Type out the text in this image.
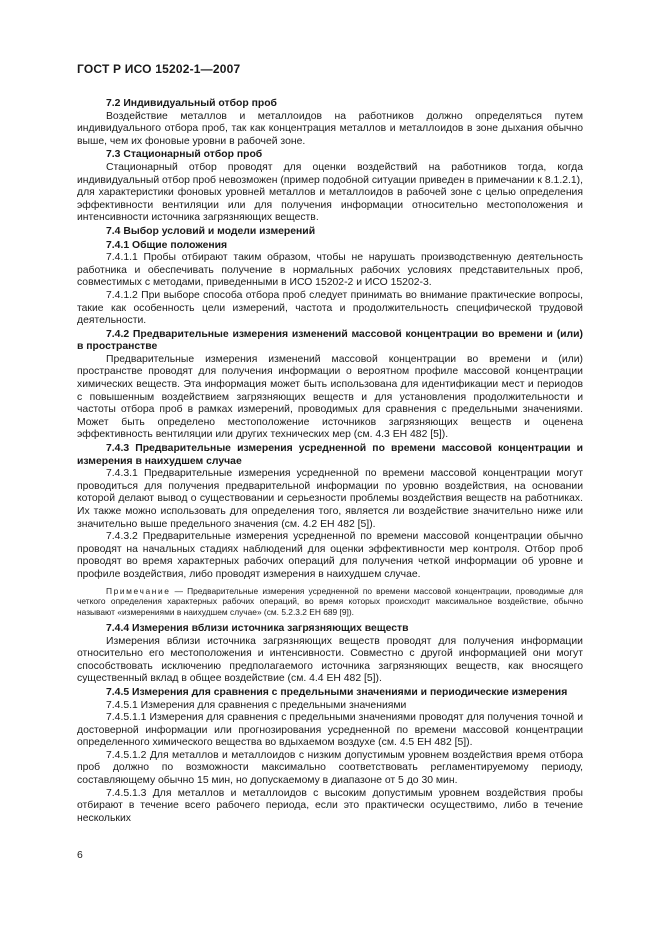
ГОСТ Р ИСО 15202-1—2007
7.2 Индивидуальный отбор проб

Воздействие металлов и металлоидов на работников должно определяться путем индивидуального отбора проб, так как концентрация металлов и металлоидов в зоне дыхания обычно выше, чем их фоновые уровни в рабочей зоне.

7.3 Стационарный отбор проб

Стационарный отбор проводят для оценки воздействий на работников тогда, когда индивидуальный отбор проб невозможен (пример подобной ситуации приведен в примечании к 8.1.2.1), для характеристики фоновых уровней металлов и металлоидов в рабочей зоне с целью определения эффективности вентиляции или для получения информации относительно местоположения и интенсивности источника загрязняющих веществ.

7.4 Выбор условий и модели измерений
7.4.1 Общие положения

7.4.1.1 Пробы отбирают таким образом, чтобы не нарушать производственную деятельность работника и обеспечивать получение в нормальных рабочих условиях представительных проб, совместимых с методами, приведенными в ИСО 15202-2 и ИСО 15202-3.

7.4.1.2 При выборе способа отбора проб следует принимать во внимание практические вопросы, такие как особенность цели измерений, частота и продолжительность специфической трудовой деятельности.

7.4.2 Предварительные измерения изменений массовой концентрации во времени и (или) в пространстве

Предварительные измерения изменений массовой концентрации во времени и (или) пространстве проводят для получения информации о вероятном профиле массовой концентрации химических веществ. Эта информация может быть использована для идентификации мест и периодов с повышенным воздействием загрязняющих веществ и для установления продолжительности и частоты отбора проб в рамках измерений, проводимых для сравнения с предельными значениями. Может быть определено местоположение источников загрязняющих веществ и оценена эффективность вентиляции или других технических мер (см. 4.3 ЕН 482 [5]).

7.4.3 Предварительные измерения усредненной по времени массовой концентрации и измерения в наихудшем случае

7.4.3.1 Предварительные измерения усредненной по времени массовой концентрации могут проводиться для получения предварительной информации по уровню воздействия, на основании которой делают вывод о существовании и серьезности проблемы воздействия веществ на работниках. Их также можно использовать для определения того, является ли воздействие значительно ниже или значительно выше предельного значения (см. 4.2 ЕН 482 [5]).

7.4.3.2 Предварительные измерения усредненной по времени массовой концентрации обычно проводят на начальных стадиях наблюдений для оценки эффективности мер контроля. Отбор проб проводят во время характерных рабочих операций для получения четкой информации об уровне и профиле воздействия, либо проводят измерения в наихудшем случае.

Примечание — Предварительные измерения усредненной по времени массовой концентрации, проводимые для четкого определения характерных рабочих операций, во время которых происходит максимальное воздействие, обычно называют «измерениями в наихудшем случае» (см. 5.2.3.2 ЕН 689 [9]).

7.4.4 Измерения вблизи источника загрязняющих веществ

Измерения вблизи источника загрязняющих веществ проводят для получения информации относительно его местоположения и интенсивности. Совместно с другой информацией они могут способствовать исключению предполагаемого источника загрязняющих веществ, как вносящего существенный вклад в общее воздействие (см. 4.4 ЕН 482 [5]).

7.4.5 Измерения для сравнения с предельными значениями и периодические измерения

7.4.5.1 Измерения для сравнения с предельными значениями

7.4.5.1.1 Измерения для сравнения с предельными значениями проводят для получения точной и достоверной информации или прогнозирования усредненной по времени массовой концентрации определенного химического вещества во вдыхаемом воздухе (см. 4.5 ЕН 482 [5]).

7.4.5.1.2 Для металлов и металлоидов с низким допустимым уровнем воздействия время отбора проб должно по возможности максимально соответствовать регламентируемому периоду, составляющему обычно 15 мин, но допускаемому в диапазоне от 5 до 30 мин.

7.4.5.1.3 Для металлов и металлоидов с высоким допустимым уровнем воздействия пробы отбирают в течение всего рабочего периода, если это практически осуществимо, либо в течение нескольких

6
